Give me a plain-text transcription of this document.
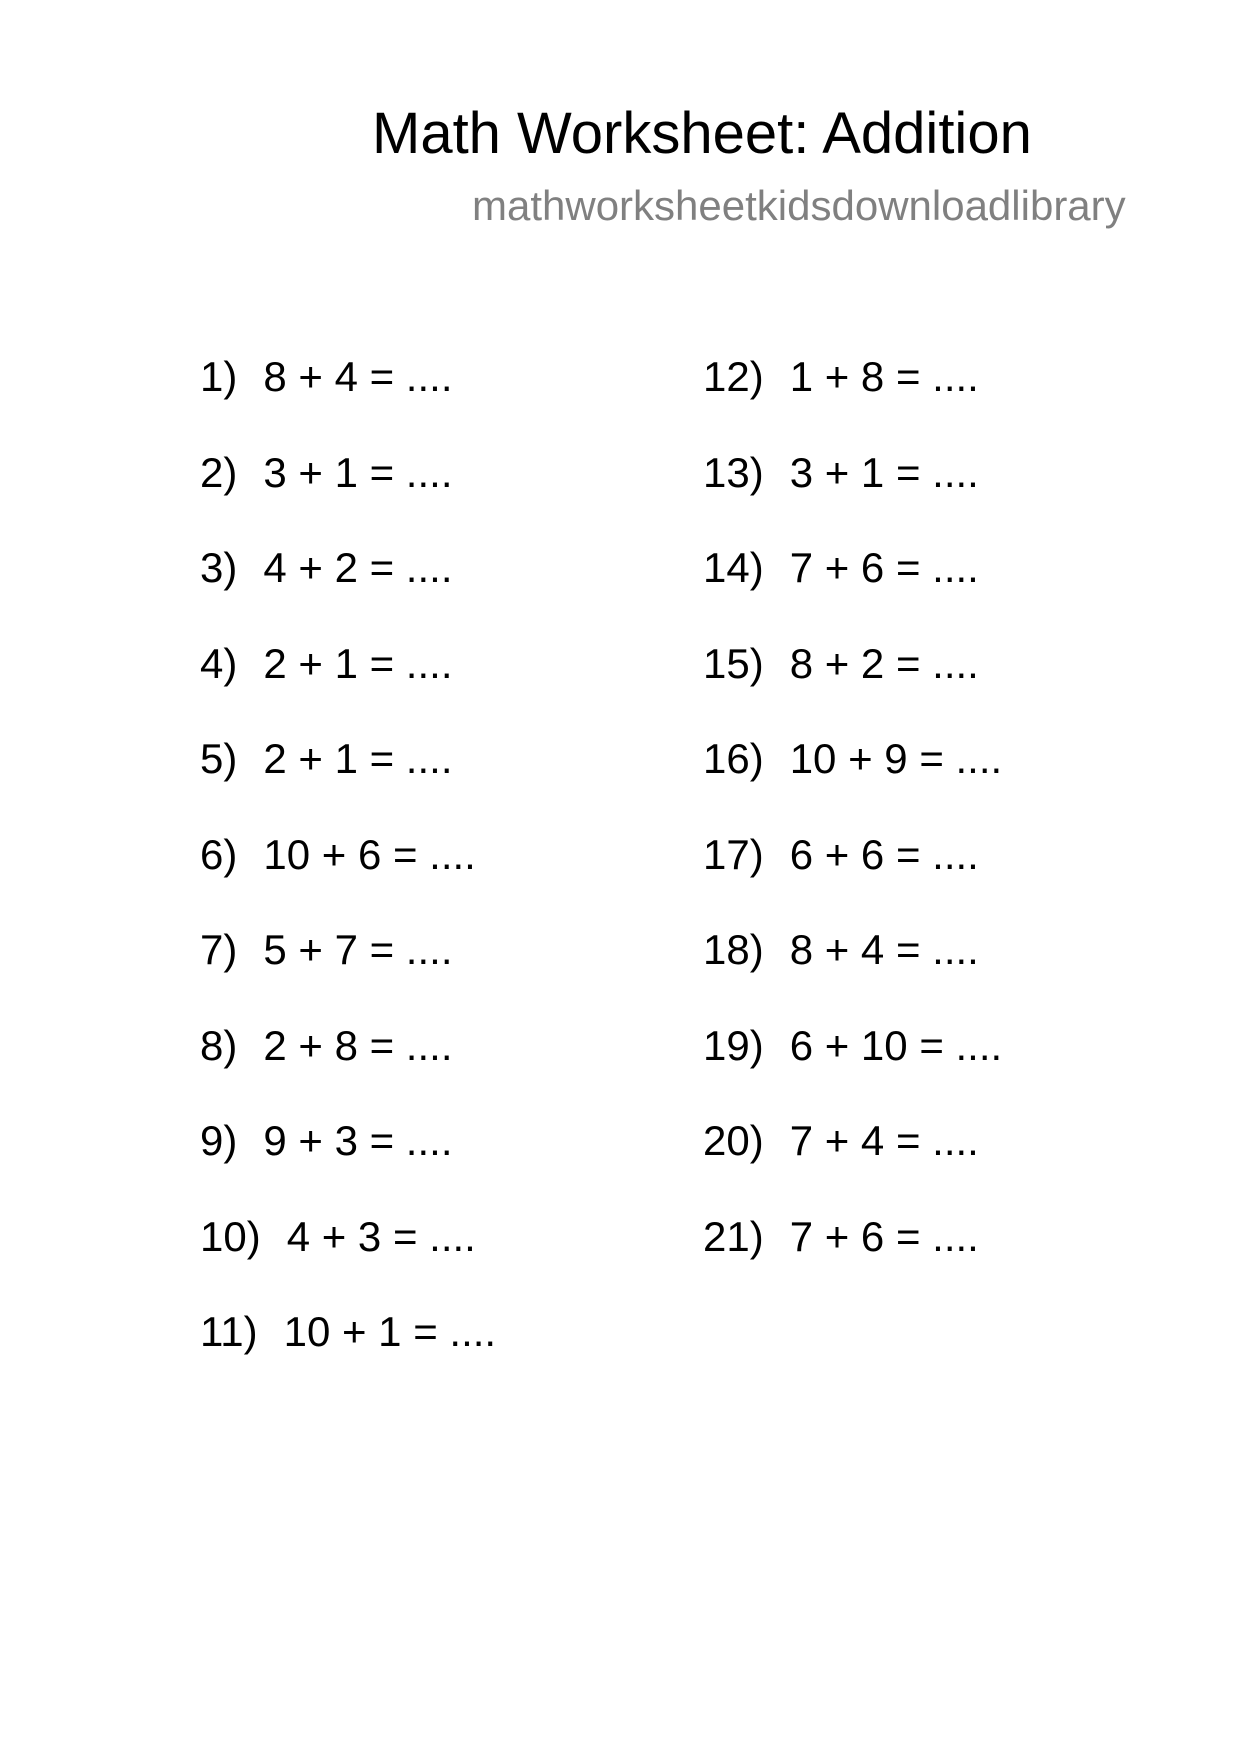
Math Worksheet: Addition
mathworksheetkidsdownloadlibrary
1) 8 + 4 = ....
2) 3 + 1 = ....
3) 4 + 2 = ....
4) 2 + 1 = ....
5) 2 + 1 = ....
6) 10 + 6 = ....
7) 5 + 7 = ....
8) 2 + 8 = ....
9) 9 + 3 = ....
10) 4 + 3 = ....
11) 10 + 1 = ....
12) 1 + 8 = ....
13) 3 + 1 = ....
14) 7 + 6 = ....
15) 8 + 2 = ....
16) 10 + 9 = ....
17) 6 + 6 = ....
18) 8 + 4 = ....
19) 6 + 10 = ....
20) 7 + 4 = ....
21) 7 + 6 = ....
